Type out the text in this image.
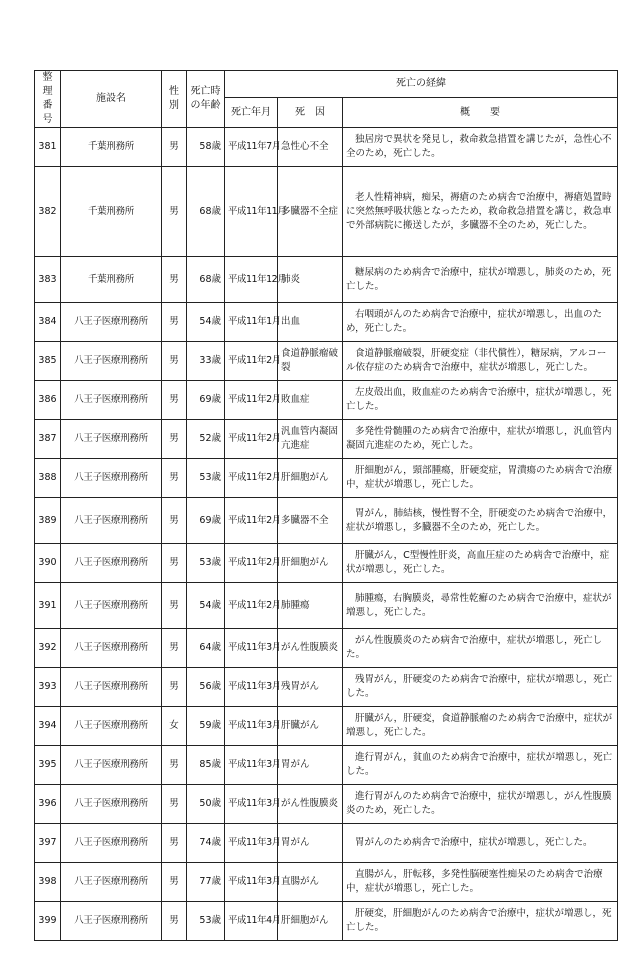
整理番号	施設名	性別	死亡時の年齢	死亡の経緯		
				死亡年月	死　因	概　　要
381	千葉刑務所	男	58歳	平成11年7月	急性心不全	独居房で異状を発見し，救命救急措置を講じたが，急性心不全のため，死亡した。
382	千葉刑務所	男	68歳	平成11年11月	多臓器不全症	老人性精神病，痴呆，褥瘡のため病舎で治療中，褥瘡処置時に突然無呼吸状態となったため，救命救急措置を講じ，救急車で外部病院に搬送したが，多臓器不全のため，死亡した。
383	千葉刑務所	男	68歳	平成11年12月	肺炎	糖尿病のため病舎で治療中，症状が増悪し，肺炎のため，死亡した。
384	八王子医療刑務所	男	54歳	平成11年1月	出血	右咽頭がんのため病舎で治療中，症状が増悪し，出血のため，死亡した。
385	八王子医療刑務所	男	33歳	平成11年2月	食道静脈瘤破裂	食道静脈瘤破裂，肝硬変症（非代償性），糖尿病，アルコール依存症のため病舎で治療中，症状が増悪し，死亡した。
386	八王子医療刑務所	男	69歳	平成11年2月	敗血症	左皮殻出血，敗血症のため病舎で治療中，症状が増悪し，死亡した。
387	八王子医療刑務所	男	52歳	平成11年2月	汎血管内凝固亢進症	多発性骨髄腫のため病舎で治療中，症状が増悪し，汎血管内凝固亢進症のため，死亡した。
388	八王子医療刑務所	男	53歳	平成11年2月	肝細胞がん	肝細胞がん，頸部腫瘍，肝硬変症，胃潰瘍のため病舎で治療中，症状が増悪し，死亡した。
389	八王子医療刑務所	男	69歳	平成11年2月	多臓器不全	胃がん，肺結核，慢性腎不全，肝硬変のため病舎で治療中，症状が増悪し，多臓器不全のため，死亡した。
390	八王子医療刑務所	男	53歳	平成11年2月	肝細胞がん	肝臓がん，C型慢性肝炎，高血圧症のため病舎で治療中，症状が増悪し，死亡した。
391	八王子医療刑務所	男	54歳	平成11年2月	肺腫瘍	肺腫瘍，右胸膜炎，尋常性乾癬のため病舎で治療中，症状が増悪し，死亡した。
392	八王子医療刑務所	男	64歳	平成11年3月	がん性腹膜炎	がん性腹膜炎のため病舎で治療中，症状が増悪し，死亡した。
393	八王子医療刑務所	男	56歳	平成11年3月	残胃がん	残胃がん，肝硬変のため病舎で治療中，症状が増悪し，死亡した。
394	八王子医療刑務所	女	59歳	平成11年3月	肝臓がん	肝臓がん，肝硬変，食道静脈瘤のため病舎で治療中，症状が増悪し，死亡した。
395	八王子医療刑務所	男	85歳	平成11年3月	胃がん	進行胃がん，貧血のため病舎で治療中，症状が増悪し，死亡した。
396	八王子医療刑務所	男	50歳	平成11年3月	がん性腹膜炎	進行胃がんのため病舎で治療中，症状が増悪し，がん性腹膜炎のため，死亡した。
397	八王子医療刑務所	男	74歳	平成11年3月	胃がん	胃がんのため病舎で治療中，症状が増悪し，死亡した。
398	八王子医療刑務所	男	77歳	平成11年3月	直腸がん	直腸がん，肝転移，多発性脳硬塞性痴呆のため病舎で治療中，症状が増悪し，死亡した。
399	八王子医療刑務所	男	53歳	平成11年4月	肝細胞がん	肝硬変，肝細胞がんのため病舎で治療中，症状が増悪し，死亡した。
